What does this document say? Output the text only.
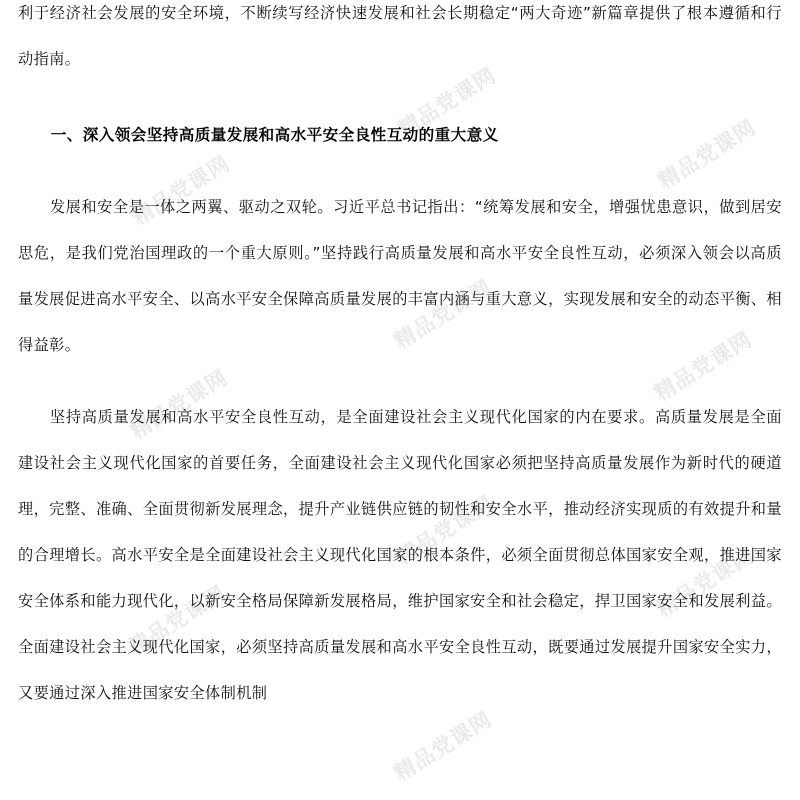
精品党课网
精品党课网	精品党课网
精品党课网
精品党课网	精品党课网
精品党课网
精品党课网	精品党课网
精品党课网

利于经济社会发展的安全环境，不断续写经济快速发展和社会长期稳定“两大奇迹”新篇章提供了根本遵循和行动指南。

一、深入领会坚持高质量发展和高水平安全良性互动的重大意义

发展和安全是一体之两翼、驱动之双轮。习近平总书记指出：“统筹发展和安全，增强忧患意识，做到居安思危，是我们党治国理政的一个重大原则。”坚持践行高质量发展和高水平安全良性互动，必须深入领会以高质量发展促进高水平安全、以高水平安全保障高质量发展的丰富内涵与重大意义，实现发展和安全的动态平衡、相得益彰。

坚持高质量发展和高水平安全良性互动，是全面建设社会主义现代化国家的内在要求。高质量发展是全面建设社会主义现代化国家的首要任务，全面建设社会主义现代化国家必须把坚持高质量发展作为新时代的硬道理，完整、准确、全面贯彻新发展理念，提升产业链供应链的韧性和安全水平，推动经济实现质的有效提升和量的合理增长。高水平安全是全面建设社会主义现代化国家的根本条件，必须全面贯彻总体国家安全观，推进国家安全体系和能力现代化，以新安全格局保障新发展格局，维护国家安全和社会稳定，捍卫国家安全和发展利益。全面建设社会主义现代化国家，必须坚持高质量发展和高水平安全良性互动，既要通过发展提升国家安全实力，又要通过深入推进国家安全体制机制
